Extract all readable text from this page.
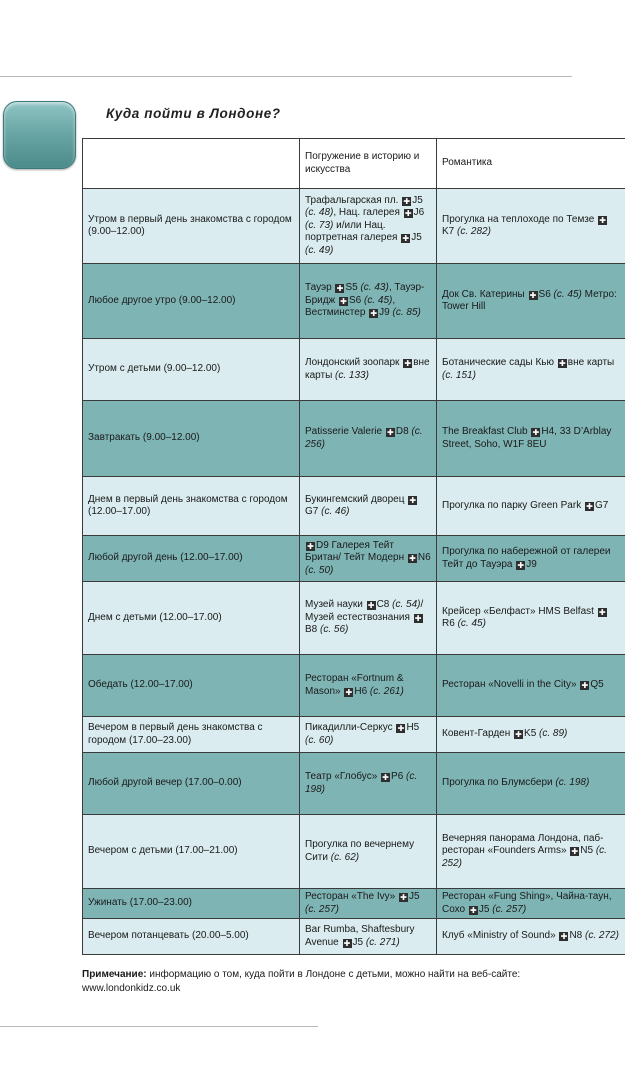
Куда пойти в Лондоне?
	Погружение в историю и искусства	Романтика
Утром в первый день знакомства с городом (9.00–12.00)	Трафальгарская пл. ✚ J5 (с. 48), Нац. галерея ✚ J6 (с. 73) и/или Нац. портретная галерея ✚ J5 (с. 49)	Прогулка на теплоходе по Темзе ✚K7 (с. 282)
Любое другое утро (9.00–12.00)	Тауэр ✚ S5 (с. 43), Тауэр-Бридж ✚ S6 (с. 45), Вестминстер ✚ J9 (с. 85)	Док Св. Катерины ✚ S6 (с. 45) Метро: Tower Hill
Утром с детьми (9.00–12.00)	Лондонский зоопарк ✚ вне карты (с. 133)	Ботанические сады Кью ✚ вне карты (с. 151)
Завтракать (9.00–12.00)	Patisserie Valerie ✚ D8 (с. 256)	The Breakfast Club ✚ H4, 33 D’Arblay Street, Soho, W1F 8EU
Днем в первый день знакомства с городом (12.00–17.00)	Букингемский дворец ✚G7 (с. 46)	Прогулка по парку Green Park ✚ G7
Любой другой день (12.00–17.00)	✚ D9 Галерея Тейт Британ/ Тейт Модерн ✚ N6 (с. 50)	Прогулка по набережной от галереи Тейт до Тауэра ✚ J9
Днем с детьми (12.00–17.00)	Музей науки ✚ C8 (с. 54)/ Музей естествознания ✚B8 (с. 56)	Крейсер «Белфаст» HMS Belfast ✚R6 (с. 45)
Обедать (12.00–17.00)	Ресторан «Fortnum & Mason» ✚ H6 (с. 261)	Ресторан «Novelli in the City» ✚ Q5
Вечером в первый день знакомства с городом (17.00–23.00)	Пикадилли-Серкус ✚ H5 (с. 60)	Ковент-Гарден ✚ K5 (с. 89)
Любой другой вечер (17.00–0.00)	Театр «Глобус» ✚ P6 (с. 198)	Прогулка по Блумсбери (с. 198)
Вечером с детьми (17.00–21.00)	Прогулка по вечернему Сити (с. 62)	Вечерняя панорама Лондона, паб-ресторан «Founders Arms» ✚ N5 (с. 252)
Ужинать (17.00–23.00)	Ресторан «The Ivy» ✚ J5 (с. 257)	Ресторан «Fung Shing», Чайна-таун, Сохо ✚ J5 (с. 257)
Вечером потанцевать (20.00–5.00)	Bar Rumba, Shaftesbury Avenue ✚ J5 (с. 271)	Клуб «Ministry of Sound» ✚ N8 (с. 272)
Примечание: информацию о том, куда пойти в Лондоне с детьми, можно найти на веб-сайте: www.londonkidz.co.uk
